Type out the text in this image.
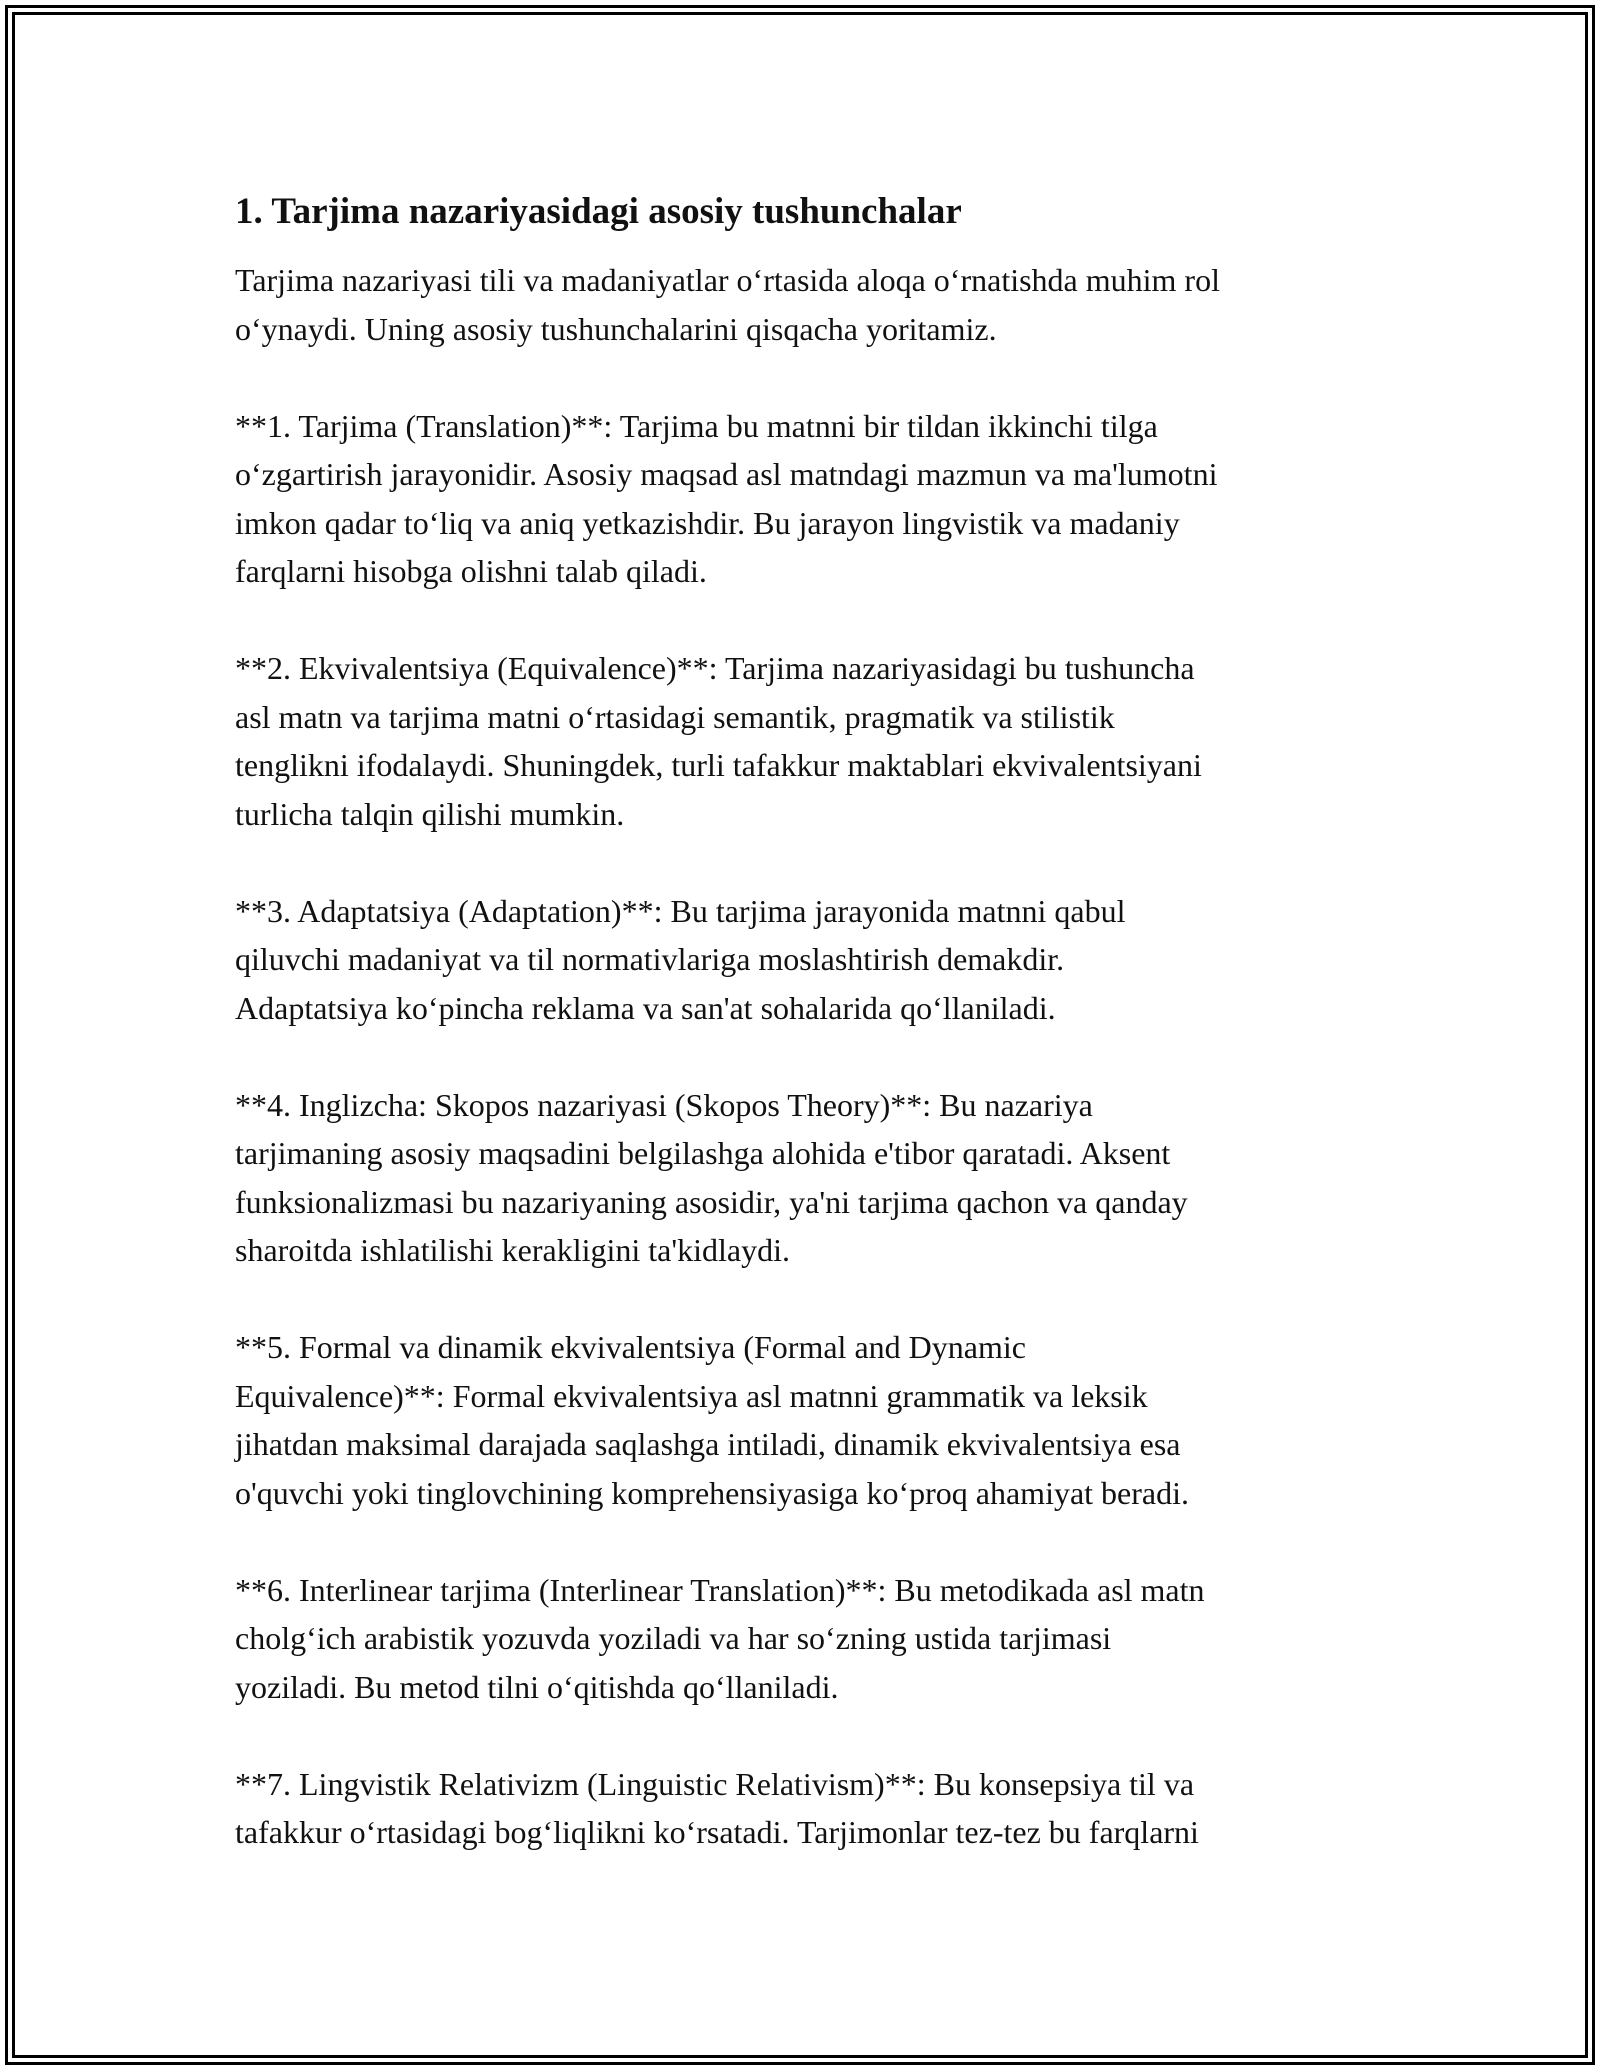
1. Tarjima nazariyasidagi asosiy tushunchalar

Tarjima nazariyasi tili va madaniyatlar o‘rtasida aloqa o‘rnatishda muhim rol
o‘ynaydi. Uning asosiy tushunchalarini qisqacha yoritamiz.

**1. Tarjima (Translation)**: Tarjima bu matnni bir tildan ikkinchi tilga
o‘zgartirish jarayonidir. Asosiy maqsad asl matndagi mazmun va ma'lumotni
imkon qadar to‘liq va aniq yetkazishdir. Bu jarayon lingvistik va madaniy
farqlarni hisobga olishni talab qiladi.

**2. Ekvivalentsiya (Equivalence)**: Tarjima nazariyasidagi bu tushuncha
asl matn va tarjima matni o‘rtasidagi semantik, pragmatik va stilistik
tenglikni ifodalaydi. Shuningdek, turli tafakkur maktablari ekvivalentsiyani
turlicha talqin qilishi mumkin.

**3. Adaptatsiya (Adaptation)**: Bu tarjima jarayonida matnni qabul
qiluvchi madaniyat va til normativlariga moslashtirish demakdir.
Adaptatsiya ko‘pincha reklama va san'at sohalarida qo‘llaniladi.

**4. Inglizcha: Skopos nazariyasi (Skopos Theory)**: Bu nazariya
tarjimaning asosiy maqsadini belgilashga alohida e'tibor qaratadi. Aksent
funksionalizmasi bu nazariyaning asosidir, ya'ni tarjima qachon va qanday
sharoitda ishlatilishi kerakligini ta'kidlaydi.

**5. Formal va dinamik ekvivalentsiya (Formal and Dynamic
Equivalence)**: Formal ekvivalentsiya asl matnni grammatik va leksik
jihatdan maksimal darajada saqlashga intiladi, dinamik ekvivalentsiya esa
o'quvchi yoki tinglovchining komprehensiyasiga ko‘proq ahamiyat beradi.

**6. Interlinear tarjima (Interlinear Translation)**: Bu metodikada asl matn
cholg‘ich arabistik yozuvda yoziladi va har so‘zning ustida tarjimasi
yoziladi. Bu metod tilni o‘qitishda qo‘llaniladi.

**7. Lingvistik Relativizm (Linguistic Relativism)**: Bu konsepsiya til va
tafakkur o‘rtasidagi bog‘liqlikni ko‘rsatadi. Tarjimonlar tez-tez bu farqlarni
